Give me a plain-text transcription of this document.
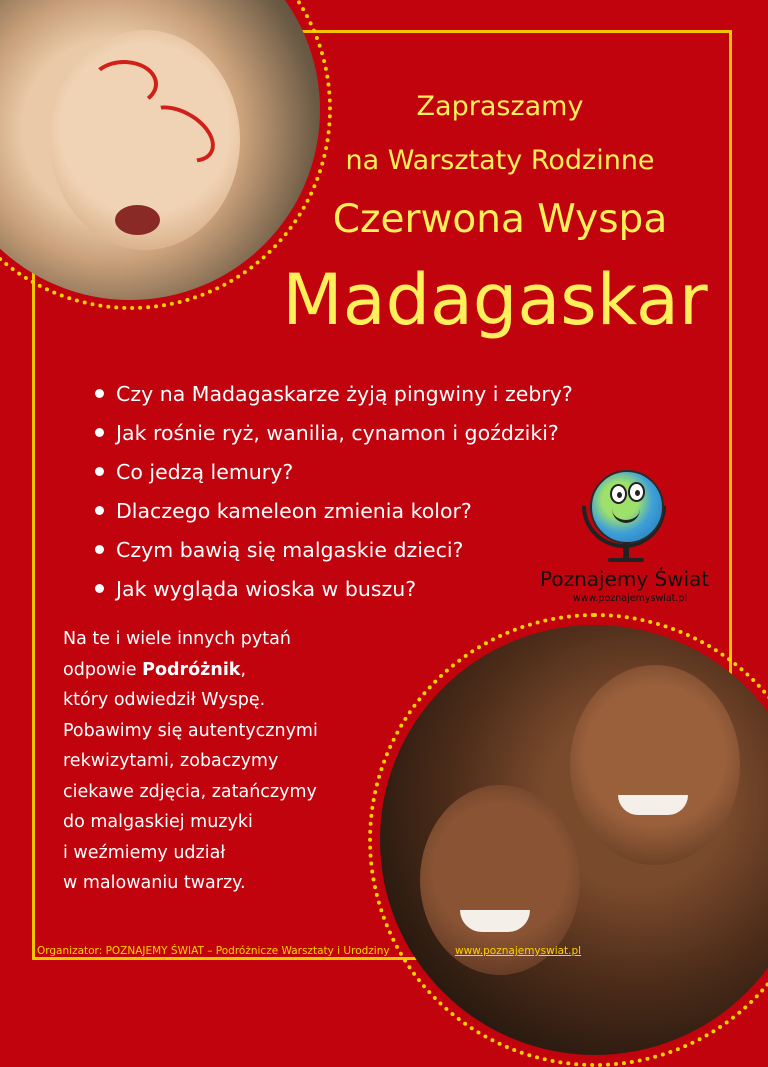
Zapraszamy
na Warsztaty Rodzinne
Czerwona Wyspa
Madagaskar
Czy na Madagaskarze żyją pingwiny i zebry?
Jak rośnie ryż, wanilia, cynamon i goździki?
Co jedzą lemury?
Dlaczego kameleon zmienia kolor?
Czym bawią się malgaskie dzieci?
Jak wygląda wioska w buszu?	Poznajemy Świat
www.poznajemyswiat.pl
Na te i wiele innych pytań
odpowie Podróżnik,
który odwiedził Wyspę.
Pobawimy się autentycznymi
rekwizytami, zobaczymy
ciekawe zdjęcia, zatańczymy
do malgaskiej muzyki
i weźmiemy udział
w malowaniu twarzy.
Organizator: POZNAJEMY ŚWIAT – Podróżnicze Warsztaty i Urodziny	www.poznajemyswiat.pl
